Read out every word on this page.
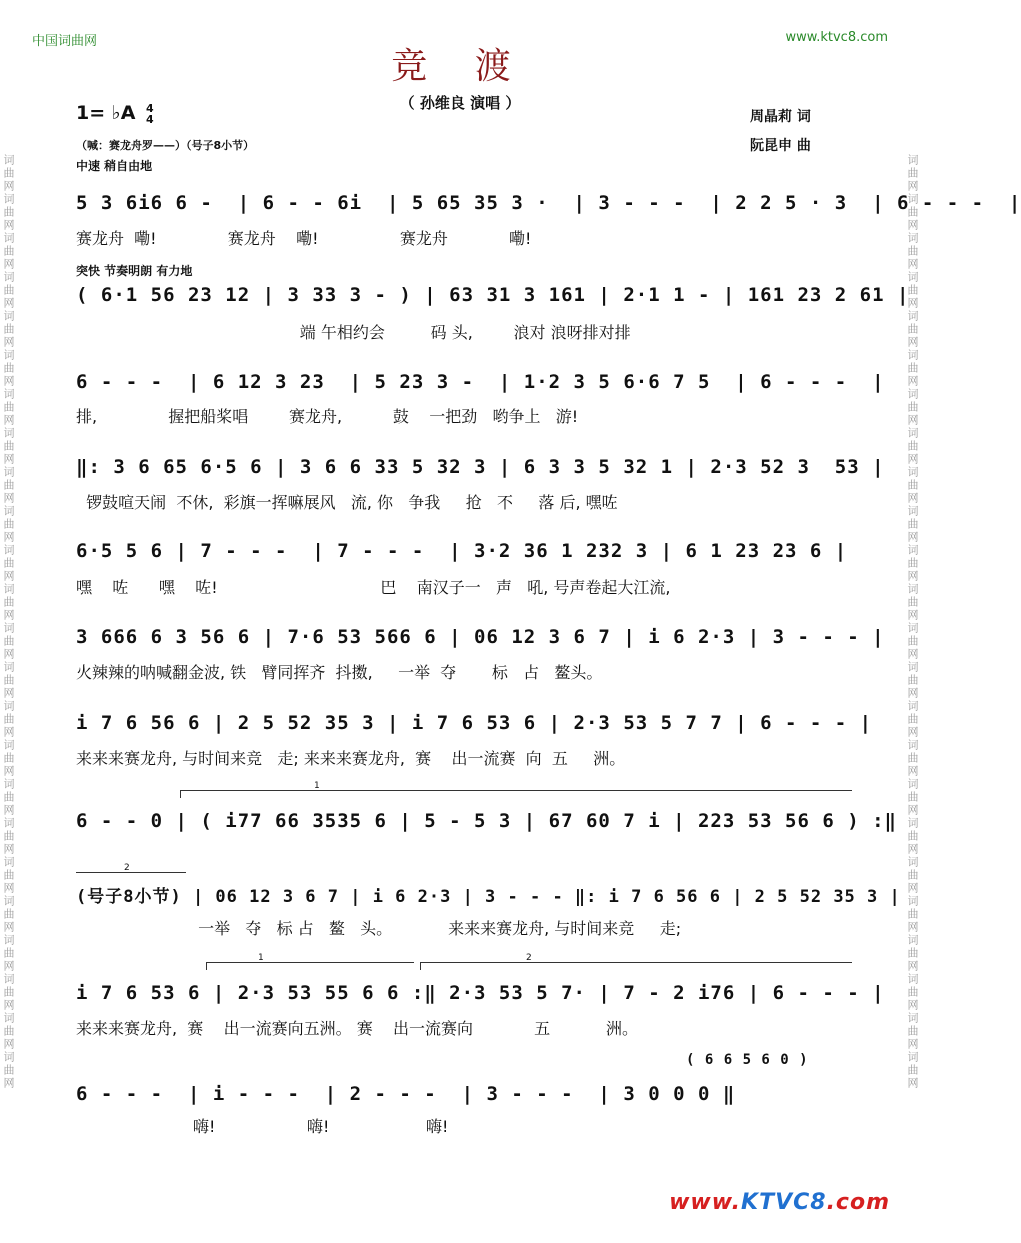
词曲网词曲网词曲网词曲网词曲网词曲网词曲网词曲网词曲网词曲网词曲网词曲网词曲网词曲网词曲网词曲网词曲网词曲网词曲网词曲网词曲网词曲网词曲网词曲网	词曲网词曲网词曲网词曲网词曲网词曲网词曲网词曲网词曲网词曲网词曲网词曲网词曲网词曲网词曲网词曲网词曲网词曲网词曲网词曲网词曲网词曲网词曲网词曲网
中国词曲网	www.ktvc8.com
竞 渡
（ 孙维良 演唱 ）
1= ♭A 4
4	周晶莉 词
阮昆申 曲
（喊：赛龙舟罗——）（号子8小节）
中速 稍自由地
突快 节奏明朗 有力地
5 3 6i6 6 -  | 6 - - 6i  | 5 65 35 3 ·  | 3 - - -  | 2 2 5 · 3  | 6 - - -  |
赛龙舟  嘞!              赛龙舟    嘞!                赛龙舟            嘞!
( 6·1 56 23 12 | 3 33 3 - ) | 63 31 3 161 | 2·1 1 - | 161 23 2 61 |
端 午相约会         码 头,        浪对 浪呀排对排
6 - - -  | 6 12 3 23  | 5 23 3 -  | 1·2 3 5 6·6 7 5  | 6 - - -  |
排,              握把船桨唱        赛龙舟,          鼓    一把劲   哟争上   游!
‖: 3 6 65 6·5 6 | 3 6 6 33 5 32 3 | 6 3 3 5 32 1 | 2·3 52 3  53 |
锣鼓喧天闹  不休,  彩旗一挥嘛展风   流, 你   争我     抢   不     落 后, 嘿咗
6·5 5 6 | 7 - - -  | 7 - - -  | 3·2 36 1 232 3 | 6 1 23 23 6 |
嘿    咗      嘿    咗!                                巴    南汉子一   声   吼, 号声卷起大江流,
3 666 6 3 56 6 | 7·6 53 566 6 | 06 12 3 6 7 | i 6 2·3 | 3 - - - |
火辣辣的呐喊翻金波, 铁   臂同挥齐  抖擞,     一举  夺       标   占   鳌头。
i 7 6 56 6 | 2 5 52 35 3 | i 7 6 53 6 | 2·3 53 5 7 7 | 6 - - - |
来来来赛龙舟, 与时间来竞   走; 来来来赛龙舟,  赛    出一流赛  向  五     洲。
1
6 - - 0 | ( i77 66 3535 6 | 5 - 5 3 | 67 60 7 i | 223 53 56 6 ) :‖
2
(号子8小节) | 06 12 3 6 7 | i 6 2·3 | 3 - - - ‖: i 7 6 56 6 | 2 5 52 35 3 |
一举   夺   标 占   鳌   头。           来来来赛龙舟, 与时间来竞     走;
1	2
i 7 6 53 6 | 2·3 53 55 6 6 :‖ 2·3 53 5 7· | 7 - 2 i76 | 6 - - - |
来来来赛龙舟,  赛    出一流赛向五洲。 赛    出一流赛向            五           洲。
( 6 6 5 6 0 )
6 - - -  | i - - -  | 2 - - -  | 3 - - -  | 3 0 0 0 ‖
嗨!                  嗨!                   嗨!
www.KTVC8.com
